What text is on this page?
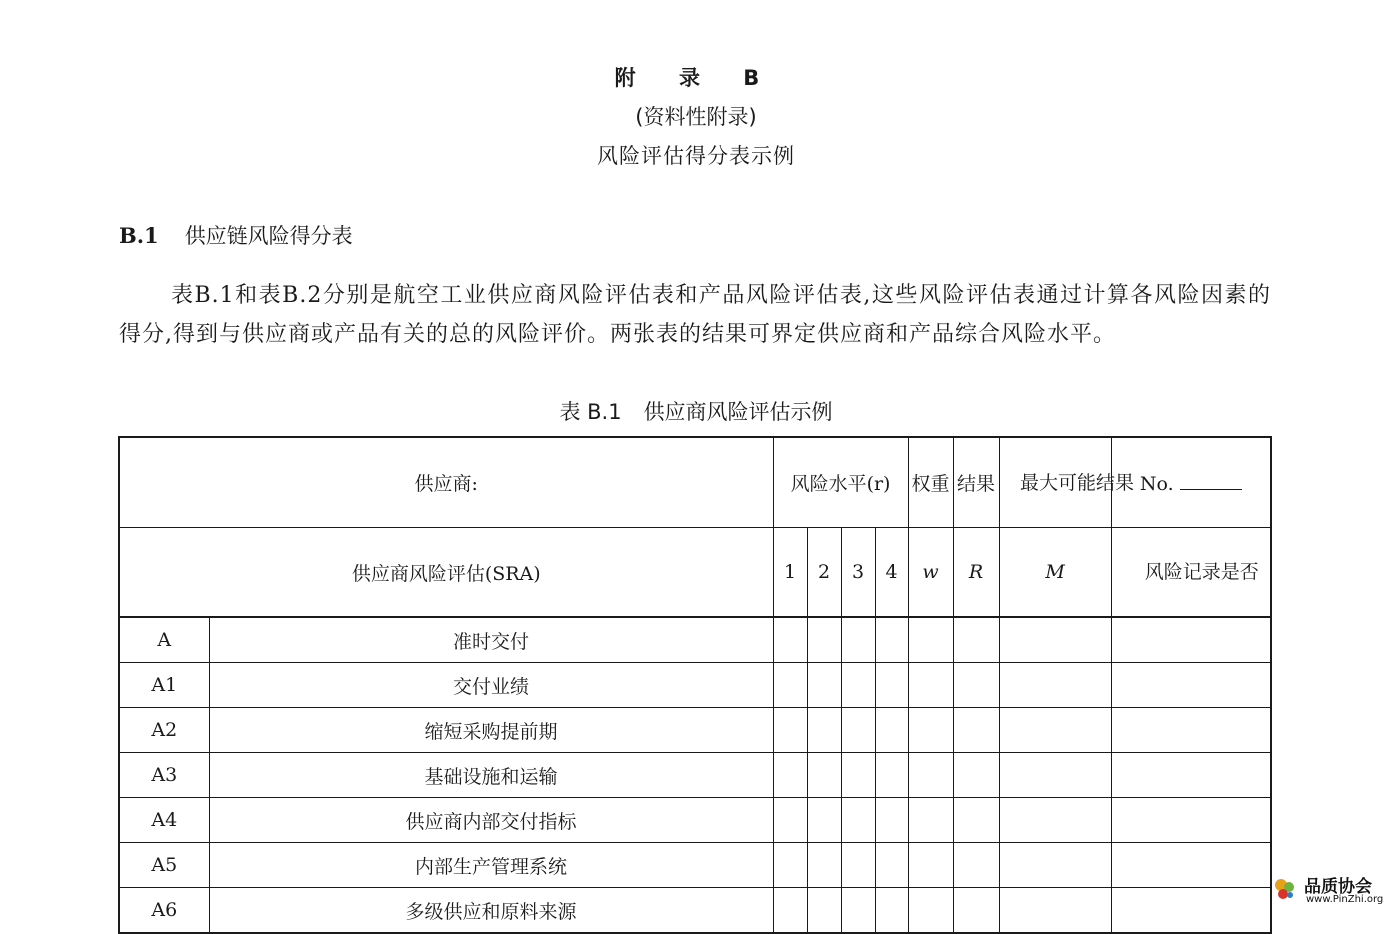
附 录 B
(资料性附录)
风险评估得分表示例
B.1 供应链风险得分表
表B.1和表B.2分别是航空工业供应商风险评估表和产品风险评估表,这些风险评估表通过计算各风险因素的得分,得到与供应商或产品有关的总的风险评价。两张表的结果可界定供应商和产品综合风险水平。
表 B.1 供应商风险评估示例
供应商:		风险水平(r)				权重	结果	最大可能结果	No.
供应商风险评估(SRA)		1	2	3	4	w	R	M	风险记录是否
A	准时交付								
A1	交付业绩								
A2	缩短采购提前期								
A3	基础设施和运输								
A4	供应商内部交付指标								
A5	内部生产管理系统								
A6	多级供应和原料来源								
品质协会
www.PinZhi.org
